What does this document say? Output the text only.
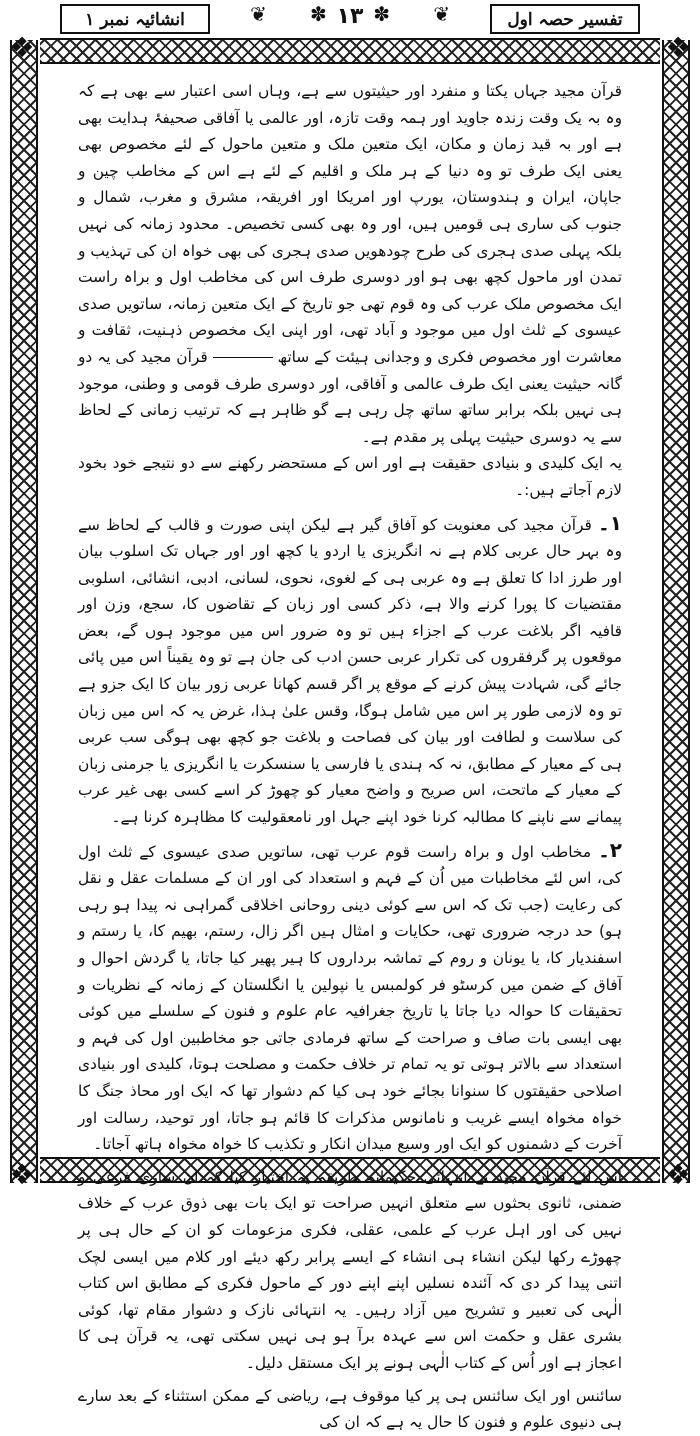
انشائیہ نمبر ۱	❦ ✽ ۱۳ ✽ ❦	تفسیر حصہ اول
❖	❖
❖	❖

قرآن مجید جہاں یکتا و منفرد اور حیثیتوں سے ہے، وہاں اسی اعتبار سے بھی ہے کہ وہ بہ یک وقت زندہ جاوید اور ہمہ وقت تازہ، اور عالمی یا آفاقی صحیفۂ ہدایت بھی ہے اور بہ قید زمان و مکان، ایک متعین ملک و متعین ماحول کے لئے مخصوص بھی یعنی ایک طرف تو وہ دنیا کے ہر ملک و اقلیم کے لئے ہے اس کے مخاطب چین و جاپان، ایران و ہندوستان، یورپ اور امریکا اور افریقہ، مشرق و مغرب، شمال و جنوب کی ساری ہی قومیں ہیں، اور وہ بھی کسی تخصیص۔ محدود زمانہ کی نہیں بلکہ پہلی صدی ہجری کی طرح چودھویں صدی ہجری کی بھی خواہ ان کی تہذیب و تمدن اور ماحول کچھ بھی ہو اور دوسری طرف اس کی مخاطب اول و براہ راست ایک مخصوص ملک عرب کی وہ قوم تھی جو تاریخ کے ایک متعین زمانہ، ساتویں صدی عیسوی کے ثلث اول میں موجود و آباد تھی، اور اپنی ایک مخصوص ذہنیت، ثقافت و معاشرت اور مخصوص فکری و وجدانی ہیئت کے ساتھ  قرآن مجید کی یہ دو گانہ حیثیت یعنی ایک طرف عالمی و آفاقی، اور دوسری طرف قومی و وطنی، موجود ہی نہیں بلکہ برابر ساتھ ساتھ چل رہی ہے گو ظاہر ہے کہ ترتیب زمانی کے لحاظ سے یہ دوسری حیثیت پہلی پر مقدم ہے۔

یہ ایک کلیدی و بنیادی حقیقت ہے اور اس کے مستحضر رکھنے سے دو نتیجے خود بخود لازم آجاتے ہیں:۔

۱۔ قرآن مجید کی معنویت کو آفاق گیر ہے لیکن اپنی صورت و قالب کے لحاظ سے وہ بہر حال عربی کلام ہے نہ انگریزی یا اردو یا کچھ اور اور جہاں تک اسلوب بیان اور طرز ادا کا تعلق ہے وہ عربی ہی کے لغوی، نحوی، لسانی، ادبی، انشائی، اسلوبی مقتضیات کا پورا کرنے والا ہے، ذکر کسی اور زبان کے تقاضوں کا، سجع، وزن اور قافیہ اگر بلاغت عرب کے اجزاء ہیں تو وہ ضرور اس میں موجود ہوں گے، بعض موقعوں پر گرفقروں کی تکرار عربی حسن ادب کی جان ہے تو وہ یقیناً اس میں پائی جائے گی، شہادت پیش کرنے کے موقع پر اگر قسم کھانا عربی زور بیان کا ایک جزو ہے تو وہ لازمی طور پر اس میں شامل ہوگا، وقس علیٰ ہذا، غرض یہ کہ اس میں زبان کی سلاست و لطافت اور بیان کی فصاحت و بلاغت جو کچھ بھی ہوگی سب عربی ہی کے معیار کے مطابق، نہ کہ ہندی یا فارسی یا سنسکرت یا انگریزی یا جرمنی زبان کے معیار کے ماتحت، اس صریح و واضح معیار کو چھوڑ کر اسے کسی بھی غیر عرب پیمانے سے ناپنے کا مطالبہ کرنا خود اپنے جہل اور نامعقولیت کا مظاہرہ کرنا ہے۔

۲۔ مخاطب اول و براہ راست قوم عرب تھی، ساتویں صدی عیسوی کے ثلث اول کی، اس لئے مخاطبات میں اُن کے فہم و استعداد کی اور ان کے مسلمات عقل و نقل کی رعایت (جب تک کہ اس سے کوئی دینی روحانی اخلاقی گمراہی نہ پیدا ہو رہی ہو) حد درجہ ضروری تھی، حکایات و امثال ہیں اگر زال، رستم، بھیم کا، یا رستم و اسفندیار کا، یا یونان و روم کے تماشہ برداروں کا ہیر پھیر کیا جاتا، یا گردش احوال و آفاق کے ضمن میں کرسٹو فر کولمبس یا نپولین یا انگلستان کے زمانہ کے نظریات و تحقیقات کا حوالہ دیا جاتا یا تاریخ جغرافیہ عام علوم و فنون کے سلسلے میں کوئی بھی ایسی بات صاف و صراحت کے ساتھ فرمادی جاتی جو مخاطبین اول کی فہم و استعداد سے بالاتر ہوتی تو یہ تمام تر خلاف حکمت و مصلحت ہوتا، کلیدی اور بنیادی اصلاحی حقیقتوں کا سنوانا بجائے خود ہی کیا کم دشوار تھا کہ ایک اور محاذ جنگ کا خواہ مخواہ ایسے غریب و نامانوس مذکرات کا قائم ہو جاتا، اور توحید، رسالت اور آخرت کے دشمنوں کو ایک اور وسیع میدان انکار و تکذیب کا خواہ مخواہ ہاتھ آجاتا۔

اس لئے قرآن مجید نے انتہائی حکیمانہ طریقہ یہ اختیار کیا کہ ان ساری فرعی و ضمنی، ثانوی بحثوں سے متعلق انہیں صراحت تو ایک بات بھی ذوق عرب کے خلاف نہیں کی اور اہل عرب کے علمی، عقلی، فکری مزعومات کو ان کے حال ہی پر چھوڑے رکھا لیکن انشاء ہی انشاء کے ایسے پرابر رکھ دیئے اور کلام میں ایسی لچک اتنی پیدا کر دی کہ آئندہ نسلیں اپنے اپنے دور کے ماحول فکری کے مطابق اس کتاب الٰہی کی تعبیر و تشریح میں آزاد رہیں۔ یہ انتہائی نازک و دشوار مقام تھا، کوئی بشری عقل و حکمت اس سے عہدہ برآ ہو ہی نہیں سکتی تھی، یہ قرآن ہی کا اعجاز ہے اور اُس کے کتاب الٰہی ہونے پر ایک مستقل دلیل۔

سائنس اور ایک سائنس ہی پر کیا موقوف ہے، ریاضی کے ممکن استثناء کے بعد سارے ہی دنیوی علوم و فنون کا حال یہ ہے کہ ان کی
